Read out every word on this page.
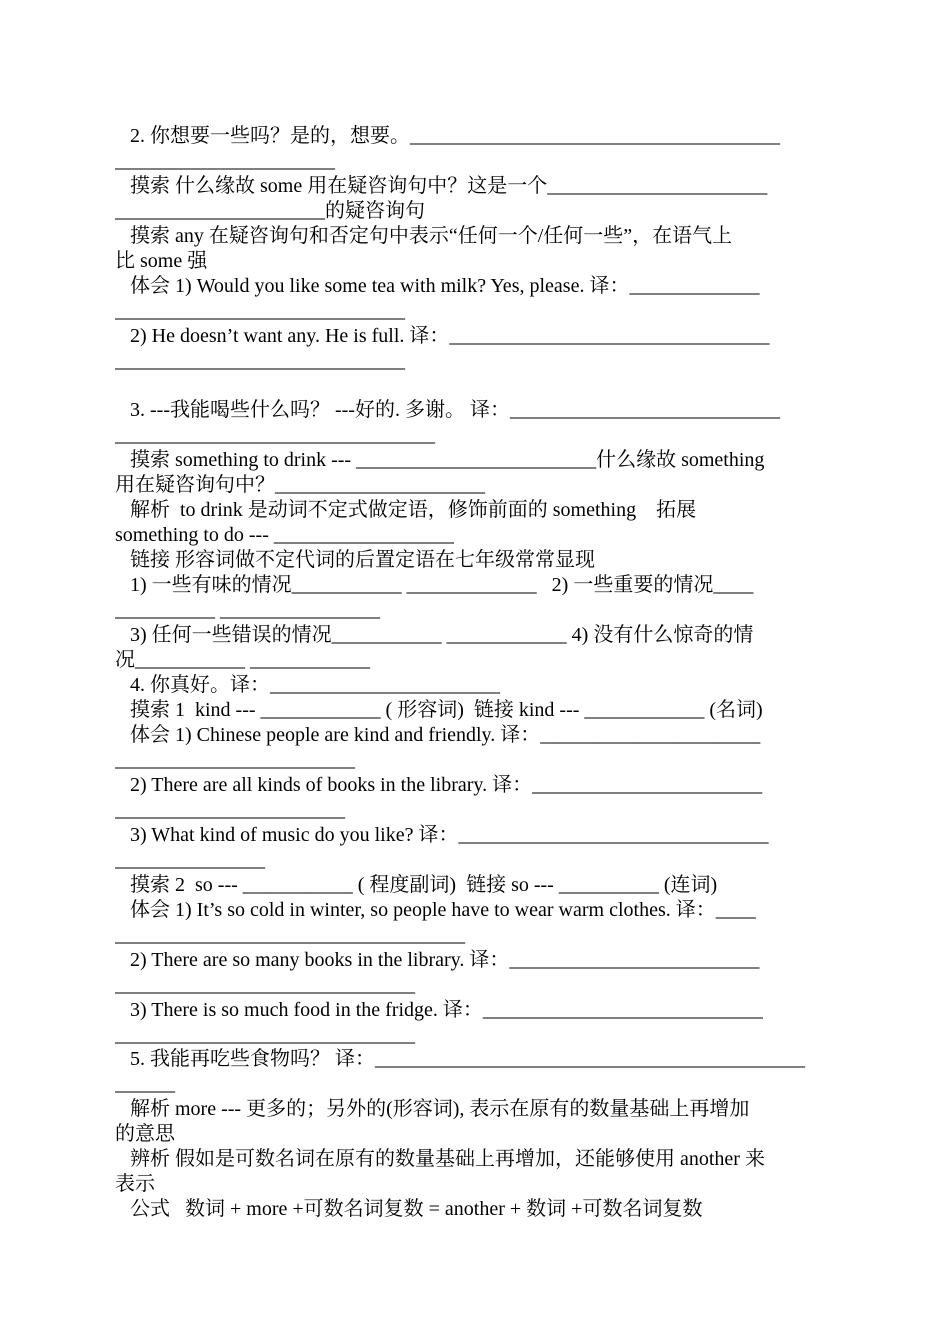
2. 你想要一些吗？是的，想要。_____________________________________
______________________
摸索 什么缘故 some 用在疑咨询句中？这是一个______________________
_____________________的疑咨询句
摸索 any 在疑咨询句和否定句中表示“任何一个/任何一些”，在语气上
比 some 强
体会 1) Would you like some tea with milk? Yes, please. 译：_____________
_____________________________
2) He doesn’t want any. He is full. 译：________________________________
_____________________________
3. ---我能喝些什么吗？ ---好的. 多谢。 译：___________________________
________________________________
摸索 something to drink --- ________________________什么缘故 something
用在疑咨询句中？_____________________
解析  to drink 是动词不定式做定语，修饰前面的 something    拓展
something to do --- __________________
链接 形容词做不定代词的后置定语在七年级常常显现
1) 一些有味的情况___________ _____________   2) 一些重要的情况____
__________ ________________
3) 任何一些错误的情况___________ ____________ 4) 没有什么惊奇的情
况___________ ____________
4. 你真好。译：_______________________
摸索 1  kind --- ____________ ( 形容词)  链接 kind --- ____________ (名词)
体会 1) Chinese people are kind and friendly. 译：______________________
________________________
2) There are all kinds of books in the library. 译：_______________________
_______________________
3) What kind of music do you like? 译：_______________________________
_______________
摸索 2  so --- ___________ ( 程度副词)  链接 so --- __________ (连词)
体会 1) It’s so cold in winter, so people have to wear warm clothes. 译：____
___________________________________
2) There are so many books in the library. 译：_________________________
______________________________
3) There is so much food in the fridge. 译：____________________________
______________________________
5. 我能再吃些食物吗？ 译：___________________________________________
______
解析 more --- 更多的；另外的(形容词), 表示在原有的数量基础上再增加
的意思
辨析 假如是可数名词在原有的数量基础上再增加，还能够使用 another 来
表示
公式   数词 + more +可数名词复数 = another + 数词 +可数名词复数
